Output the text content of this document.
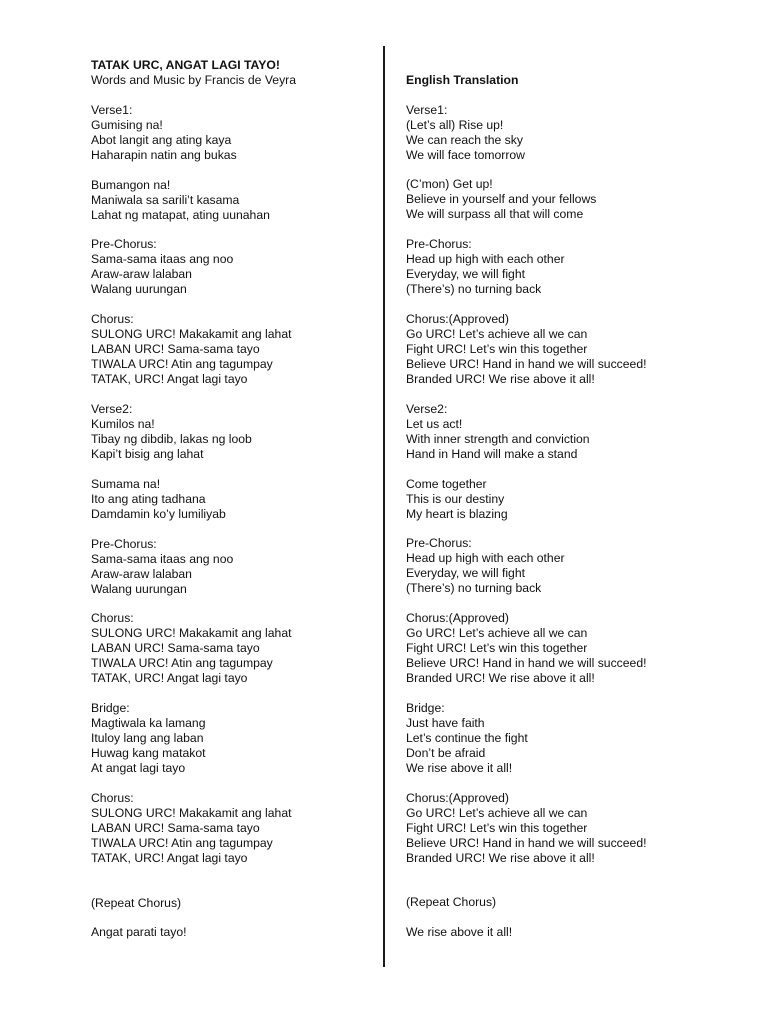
TATAK URC, ANGAT LAGI TAYO!
Words and Music by Francis de Veyra
Verse1:
Gumising na!
Abot langit ang ating kaya
Haharapin natin ang bukas
Bumangon na!
Maniwala sa sarili’t kasama
Lahat ng matapat, ating uunahan
Pre-Chorus:
Sama-sama itaas ang noo
Araw-araw lalaban
Walang uurungan
Chorus:
SULONG URC! Makakamit ang lahat
LABAN URC! Sama-sama tayo
TIWALA URC! Atin ang tagumpay
TATAK, URC! Angat lagi tayo
Verse2:
Kumilos na!
Tibay ng dibdib, lakas ng loob
Kapi’t bisig ang lahat
Sumama na!
Ito ang ating tadhana
Damdamin ko’y lumiliyab
Pre-Chorus:
Sama-sama itaas ang noo
Araw-araw lalaban
Walang uurungan
Chorus:
SULONG URC! Makakamit ang lahat
LABAN URC! Sama-sama tayo
TIWALA URC! Atin ang tagumpay
TATAK, URC! Angat lagi tayo
Bridge:
Magtiwala ka lamang
Ituloy lang ang laban
Huwag kang matakot
At angat lagi tayo
Chorus:
SULONG URC! Makakamit ang lahat
LABAN URC! Sama-sama tayo
TIWALA URC! Atin ang tagumpay
TATAK, URC! Angat lagi tayo
(Repeat Chorus)
Angat parati tayo!
English Translation
Verse1:
(Let’s all) Rise up!
We can reach the sky
We will face tomorrow
(C’mon) Get up!
Believe in yourself and your fellows
We will surpass all that will come
Pre-Chorus:
Head up high with each other
Everyday, we will fight
(There’s) no turning back
Chorus:(Approved)
Go URC! Let’s achieve all we can
Fight URC! Let’s win this together
Believe URC! Hand in hand we will succeed!
Branded URC! We rise above it all!
Verse2:
Let us act!
With inner strength and conviction
Hand in Hand will make a stand
Come together
This is our destiny
My heart is blazing
Pre-Chorus:
Head up high with each other
Everyday, we will fight
(There’s) no turning back
Chorus:(Approved)
Go URC! Let’s achieve all we can
Fight URC! Let’s win this together
Believe URC! Hand in hand we will succeed!
Branded URC! We rise above it all!
Bridge:
Just have faith
Let’s continue the fight
Don’t be afraid
We rise above it all!
Chorus:(Approved)
Go URC! Let’s achieve all we can
Fight URC! Let’s win this together
Believe URC! Hand in hand we will succeed!
Branded URC! We rise above it all!
(Repeat Chorus)
We rise above it all!
